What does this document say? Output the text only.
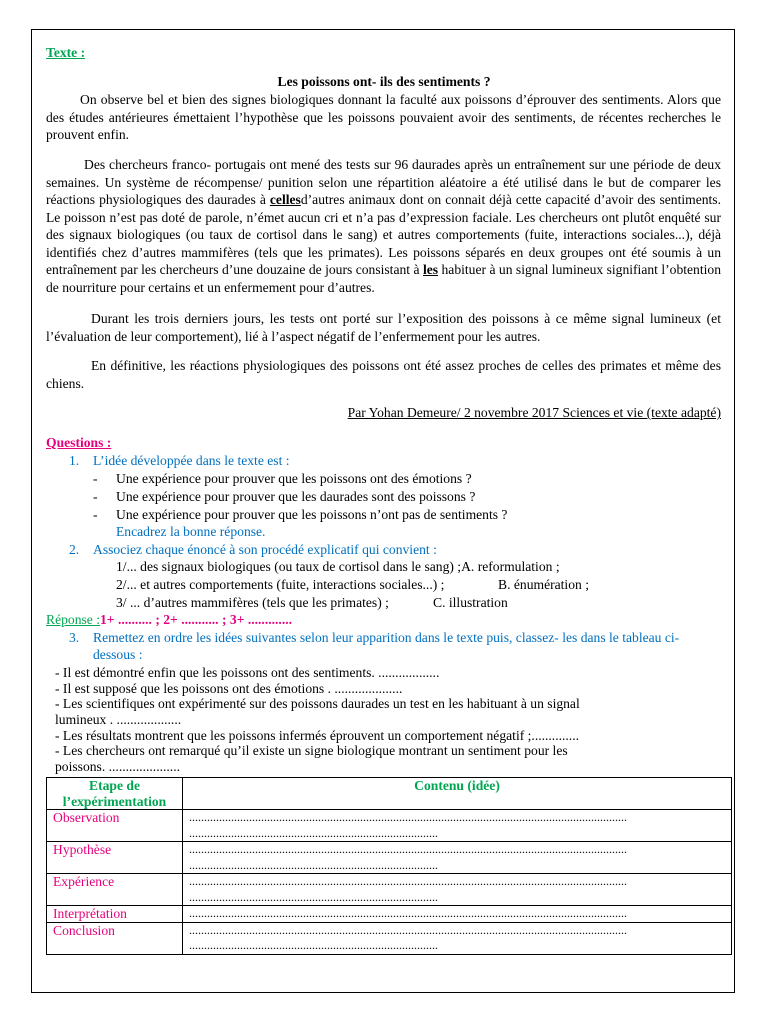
Texte :
Les poissons ont- ils des sentiments ?
On observe bel et bien des signes biologiques donnant la faculté aux poissons d’éprouver des sentiments. Alors que des études antérieures émettaient l’hypothèse que les poissons pouvaient avoir des sentiments, de récentes recherches le prouvent enfin.
Des chercheurs franco- portugais ont mené des tests sur 96 daurades après un entraînement sur une période de deux semaines. Un système de récompense/ punition selon une répartition aléatoire a été utilisé dans le but de comparer les réactions physiologiques des daurades à cellesd’autres animaux dont on connait déjà cette capacité d’avoir des sentiments. Le poisson n’est pas doté de parole, n’émet aucun cri et n’a pas d’expression faciale. Les chercheurs ont plutôt enquêté sur des signaux biologiques (ou taux de cortisol dans le sang) et autres comportements (fuite, interactions sociales...), déjà identifiés chez d’autres mammifères (tels que les primates). Les poissons séparés en deux groupes ont été soumis à un entraînement par les chercheurs d’une douzaine de jours consistant à les habituer à un signal lumineux signifiant l’obtention de nourriture pour certains et un enfermement pour d’autres.
Durant les trois derniers jours, les tests ont porté sur l’exposition des poissons à ce même signal lumineux (et l’évaluation de leur comportement), lié à l’aspect négatif de l’enfermement pour les autres.
En définitive, les réactions physiologiques des poissons ont été assez proches de celles des primates et même des chiens.
Par Yohan Demeure/ 2 novembre 2017 Sciences et vie (texte adapté)
Questions :
1. L’idée développée dans le texte est :
- Une expérience pour prouver que les poissons ont des émotions ?
- Une expérience pour prouver que les daurades sont des poissons ?
- Une expérience pour prouver que les poissons n’ont pas de sentiments ?
Encadrez la bonne réponse.
2. Associez chaque énoncé à son procédé explicatif qui convient :
1/... des signaux biologiques (ou taux de cortisol dans le sang) ;A. reformulation ;
2/... et autres comportements (fuite, interactions sociales...) ;	B. énumération ;
3/ ... d’autres mammifères (tels que les primates) ;	C. illustration
Réponse :1+ .......... ; 2+ ........... ; 3+ .............
3. Remettez en ordre les idées suivantes selon leur apparition dans le texte puis, classez- les dans le tableau ci-
dessous :
- Il est démontré enfin que les poissons ont des sentiments. ..................
- Il est supposé que les poissons ont des émotions . ....................
- Les scientifiques ont expérimenté sur des poissons daurades un test en les habituant à un signal
lumineux . ...................
- Les résultats montrent que les poissons infermés éprouvent un comportement négatif ;..............
- Les chercheurs ont remarqué qu’il existe un signe biologique montrant un sentiment pour les
poissons. .....................
Etape de
l’expérimentation	Contenu (idée)
Observation	..................................................................................................................................................
...................................................................................

Hypothèse	..................................................................................................................................................
...................................................................................

Expérience	..................................................................................................................................................
...................................................................................

Interprétation	..................................................................................................................................................

Conclusion	..................................................................................................................................................
...................................................................................
